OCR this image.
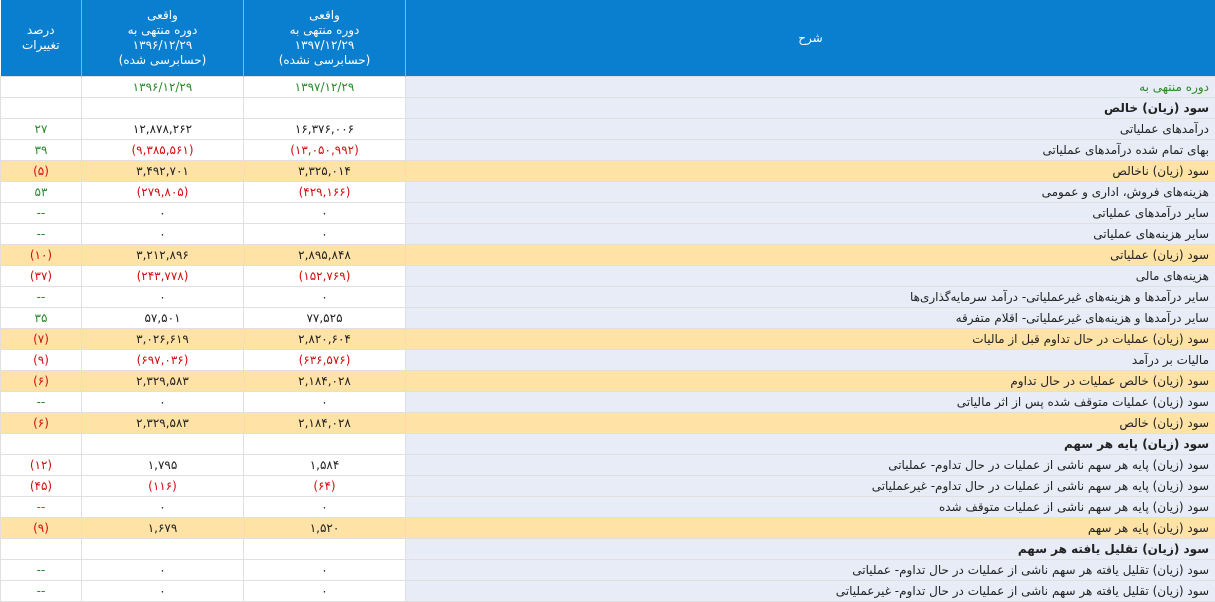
درصد
تغییرات	واقعی
دوره منتهی به
۱۳۹۶/۱۲/۲۹
(حسابرسی شده)	واقعی
دوره منتهی به
۱۳۹۷/۱۲/۲۹
(حسابرسی نشده)	شرح
	۱۳۹۶/۱۲/۲۹	۱۳۹۷/۱۲/۲۹	دوره منتهی به
			سود (زیان) خالص
۲۷	۱۲,۸۷۸,۲۶۲	۱۶,۳۷۶,۰۰۶	درآمدهای عملیاتی
۳۹	(۹,۳۸۵,۵۶۱)	(۱۳,۰۵۰,۹۹۲)	بهای تمام شده درآمدهای عملیاتی
(۵)	۳,۴۹۲,۷۰۱	۳,۳۲۵,۰۱۴	سود (زیان) ناخالص
۵۳	(۲۷۹,۸۰۵)	(۴۲۹,۱۶۶)	هزینه‌های فروش، اداری و عمومی
--	۰	۰	سایر درآمدهای عملیاتی
--	۰	۰	سایر هزینه‌های عملیاتی
(۱۰)	۳,۲۱۲,۸۹۶	۲,۸۹۵,۸۴۸	سود (زیان) عملیاتی
(۳۷)	(۲۴۳,۷۷۸)	(۱۵۲,۷۶۹)	هزینه‌های مالی
--	۰	۰	سایر درآمدها و هزینه‌های غیرعملیاتی- درآمد سرمایه‌گذاری‌ها
۳۵	۵۷,۵۰۱	۷۷,۵۲۵	سایر درآمدها و هزینه‌های غیرعملیاتی- اقلام متفرقه
(۷)	۳,۰۲۶,۶۱۹	۲,۸۲۰,۶۰۴	سود (زیان) عملیات در حال تداوم قبل از مالیات
(۹)	(۶۹۷,۰۳۶)	(۶۳۶,۵۷۶)	مالیات بر درآمد
(۶)	۲,۳۲۹,۵۸۳	۲,۱۸۴,۰۲۸	سود (زیان) خالص عملیات در حال تداوم
--	۰	۰	سود (زیان) عملیات متوقف شده پس از اثر مالیاتی
(۶)	۲,۳۲۹,۵۸۳	۲,۱۸۴,۰۲۸	سود (زیان) خالص
			سود (زیان) پایه هر سهم
(۱۲)	۱,۷۹۵	۱,۵۸۴	سود (زیان) پایه هر سهم ناشی از عملیات در حال تداوم- عملیاتی
(۴۵)	(۱۱۶)	(۶۴)	سود (زیان) پایه هر سهم ناشی از عملیات در حال تداوم- غیرعملیاتی
--	۰	۰	سود (زیان) پایه هر سهم ناشی از عملیات متوقف شده
(۹)	۱,۶۷۹	۱,۵۲۰	سود (زیان) پایه هر سهم
			سود (زیان) تقلیل یافته هر سهم
--	۰	۰	سود (زیان) تقلیل یافته هر سهم ناشی از عملیات در حال تداوم- عملیاتی
--	۰	۰	سود (زیان) تقلیل یافته هر سهم ناشی از عملیات در حال تداوم- غیرعملیاتی
